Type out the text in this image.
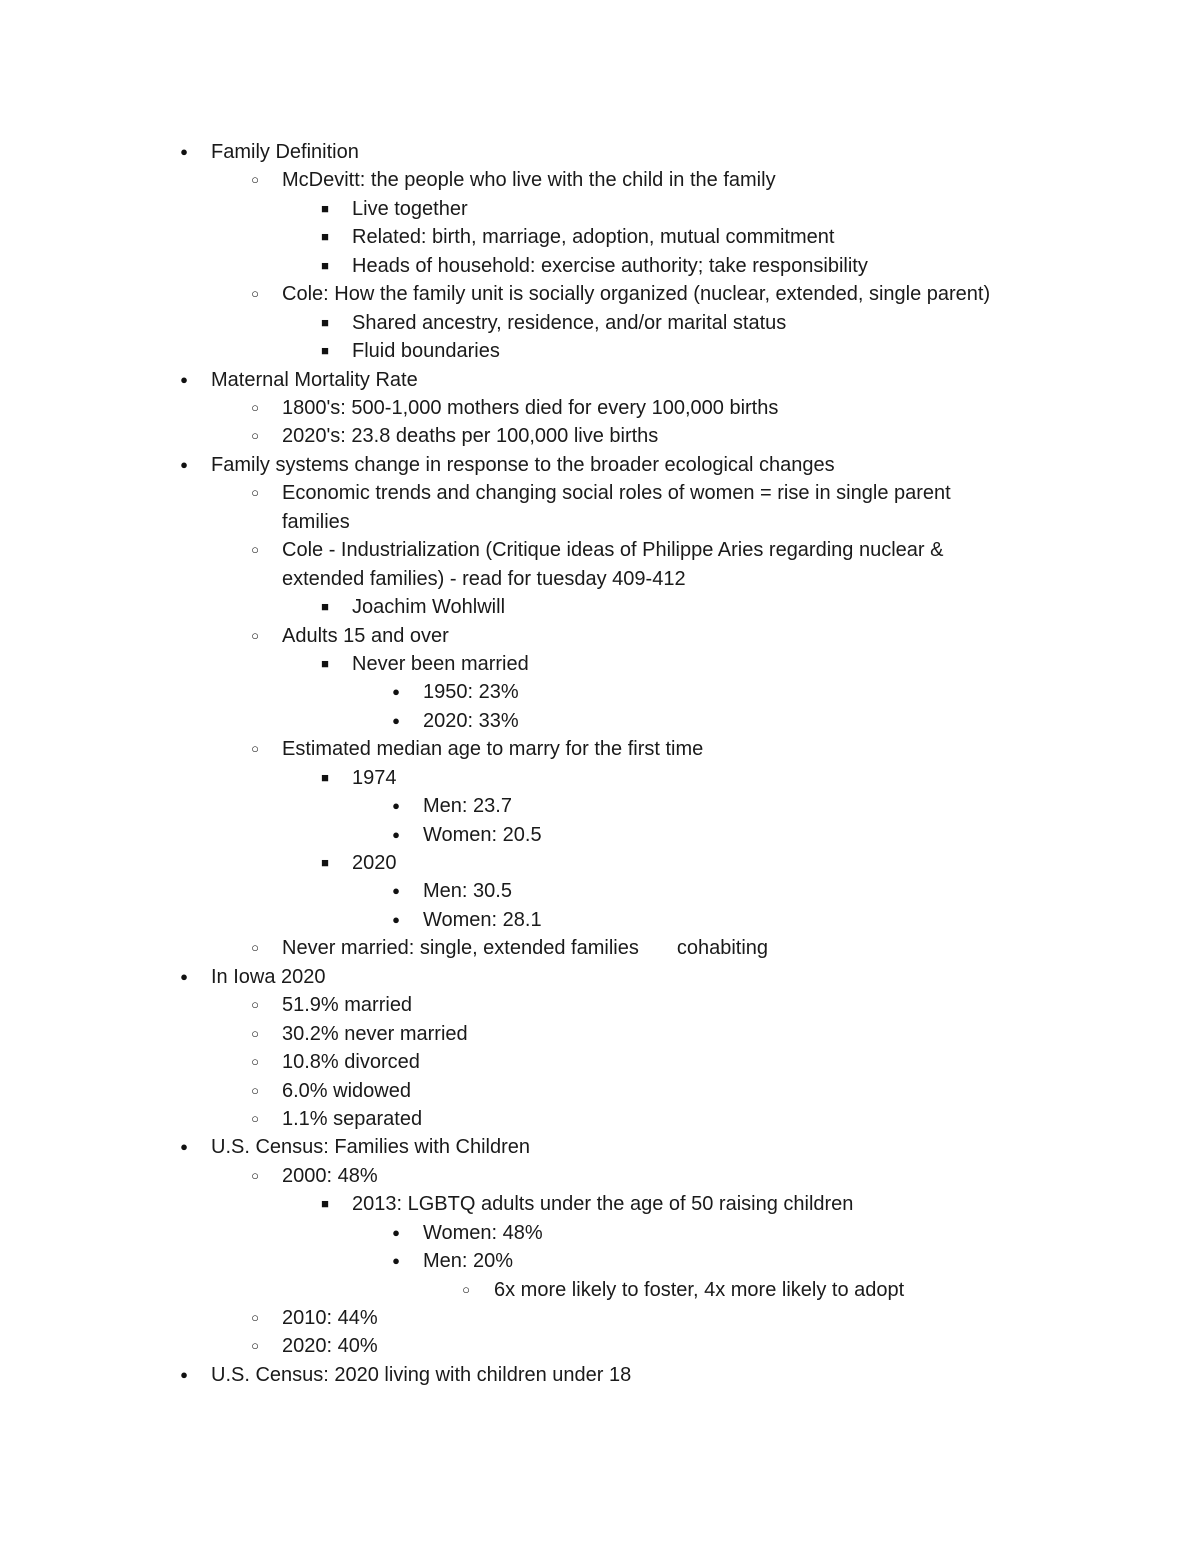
●	Family Definition
○	McDevitt: the people who live with the child in the family
■	Live together
■	Related: birth, marriage, adoption, mutual commitment
■	Heads of household: exercise authority; take responsibility
○	Cole: How the family unit is socially organized (nuclear, extended, single parent)
■	Shared ancestry, residence, and/or marital status
■	Fluid boundaries
●	Maternal Mortality Rate
○	1800's: 500-1,000 mothers died for every 100,000 births
○	2020's: 23.8 deaths per 100,000 live births
●	Family systems change in response to the broader ecological changes
○	Economic trends and changing social roles of women = rise in single parent families
○	Cole - Industrialization (Critique ideas of Philippe Aries regarding nuclear & extended families) - read for tuesday 409-412
■	Joachim Wohlwill
○	Adults 15 and over
■	Never been married
●	1950: 23%
●	2020: 33%
○	Estimated median age to marry for the first time
■	1974
●	Men: 23.7
●	Women: 20.5
■	2020
●	Men: 30.5
●	Women: 28.1
○	Never married: single, extended families cohabiting
●	In Iowa 2020
○	51.9% married
○	30.2% never married
○	10.8% divorced
○	6.0% widowed
○	1.1% separated
●	U.S. Census: Families with Children
○	2000: 48%
■	2013: LGBTQ adults under the age of 50 raising children
●	Women: 48%
●	Men: 20%
○	6x more likely to foster, 4x more likely to adopt
○	2010: 44%
○	2020: 40%
●	U.S. Census: 2020 living with children under 18
